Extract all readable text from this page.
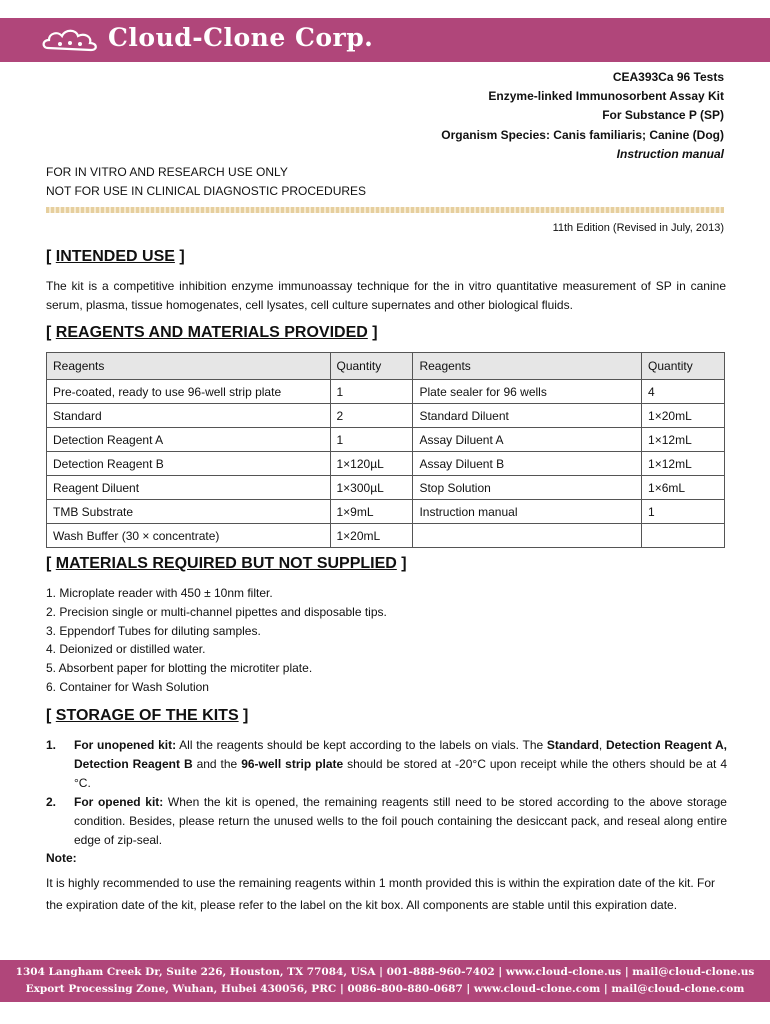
Cloud-Clone Corp.
CEA393Ca 96 Tests
Enzyme-linked Immunosorbent Assay Kit
For Substance P (SP)
Organism Species: Canis familiaris; Canine (Dog)
Instruction manual
FOR IN VITRO AND RESEARCH USE ONLY
NOT FOR USE IN CLINICAL DIAGNOSTIC PROCEDURES
11th Edition (Revised in July, 2013)
[ INTENDED USE ]
The kit is a competitive inhibition enzyme immunoassay technique for the in vitro quantitative measurement of SP in canine serum, plasma, tissue homogenates, cell lysates, cell culture supernates and other biological fluids.
[ REAGENTS AND MATERIALS PROVIDED ]
Reagents	Quantity	Reagents	Quantity
Pre-coated, ready to use 96-well strip plate	1	Plate sealer for 96 wells	4
Standard	2	Standard Diluent	1×20mL
Detection Reagent A	1	Assay Diluent A	1×12mL
Detection Reagent B	1×120µL	Assay Diluent B	1×12mL
Reagent Diluent	1×300µL	Stop Solution	1×6mL
TMB Substrate	1×9mL	Instruction manual	1
Wash Buffer (30 × concentrate)	1×20mL		
[ MATERIALS REQUIRED BUT NOT SUPPLIED ]
1. Microplate reader with 450 ± 10nm filter.
2. Precision single or multi-channel pipettes and disposable tips.
3. Eppendorf Tubes for diluting samples.
4. Deionized or distilled water.
5. Absorbent paper for blotting the microtiter plate.
6. Container for Wash Solution
[ STORAGE OF THE KITS ]
1.	For unopened kit: All the reagents should be kept according to the labels on vials. The Standard, Detection Reagent A, Detection Reagent B and the 96-well strip plate should be stored at -20°C upon receipt while the others should be at 4 °C.
2.	For opened kit: When the kit is opened, the remaining reagents still need to be stored according to the above storage condition. Besides, please return the unused wells to the foil pouch containing the desiccant pack, and reseal along entire edge of zip-seal.
Note:
It is highly recommended to use the remaining reagents within 1 month provided this is within the expiration date of the kit. For the expiration date of the kit, please refer to the label on the kit box. All components are stable until this expiration date.
1304 Langham Creek Dr, Suite 226, Houston, TX 77084, USA | 001-888-960-7402 | www.cloud-clone.us | mail@cloud-clone.us
Export Processing Zone, Wuhan, Hubei 430056, PRC | 0086-800-880-0687 | www.cloud-clone.com | mail@cloud-clone.com
